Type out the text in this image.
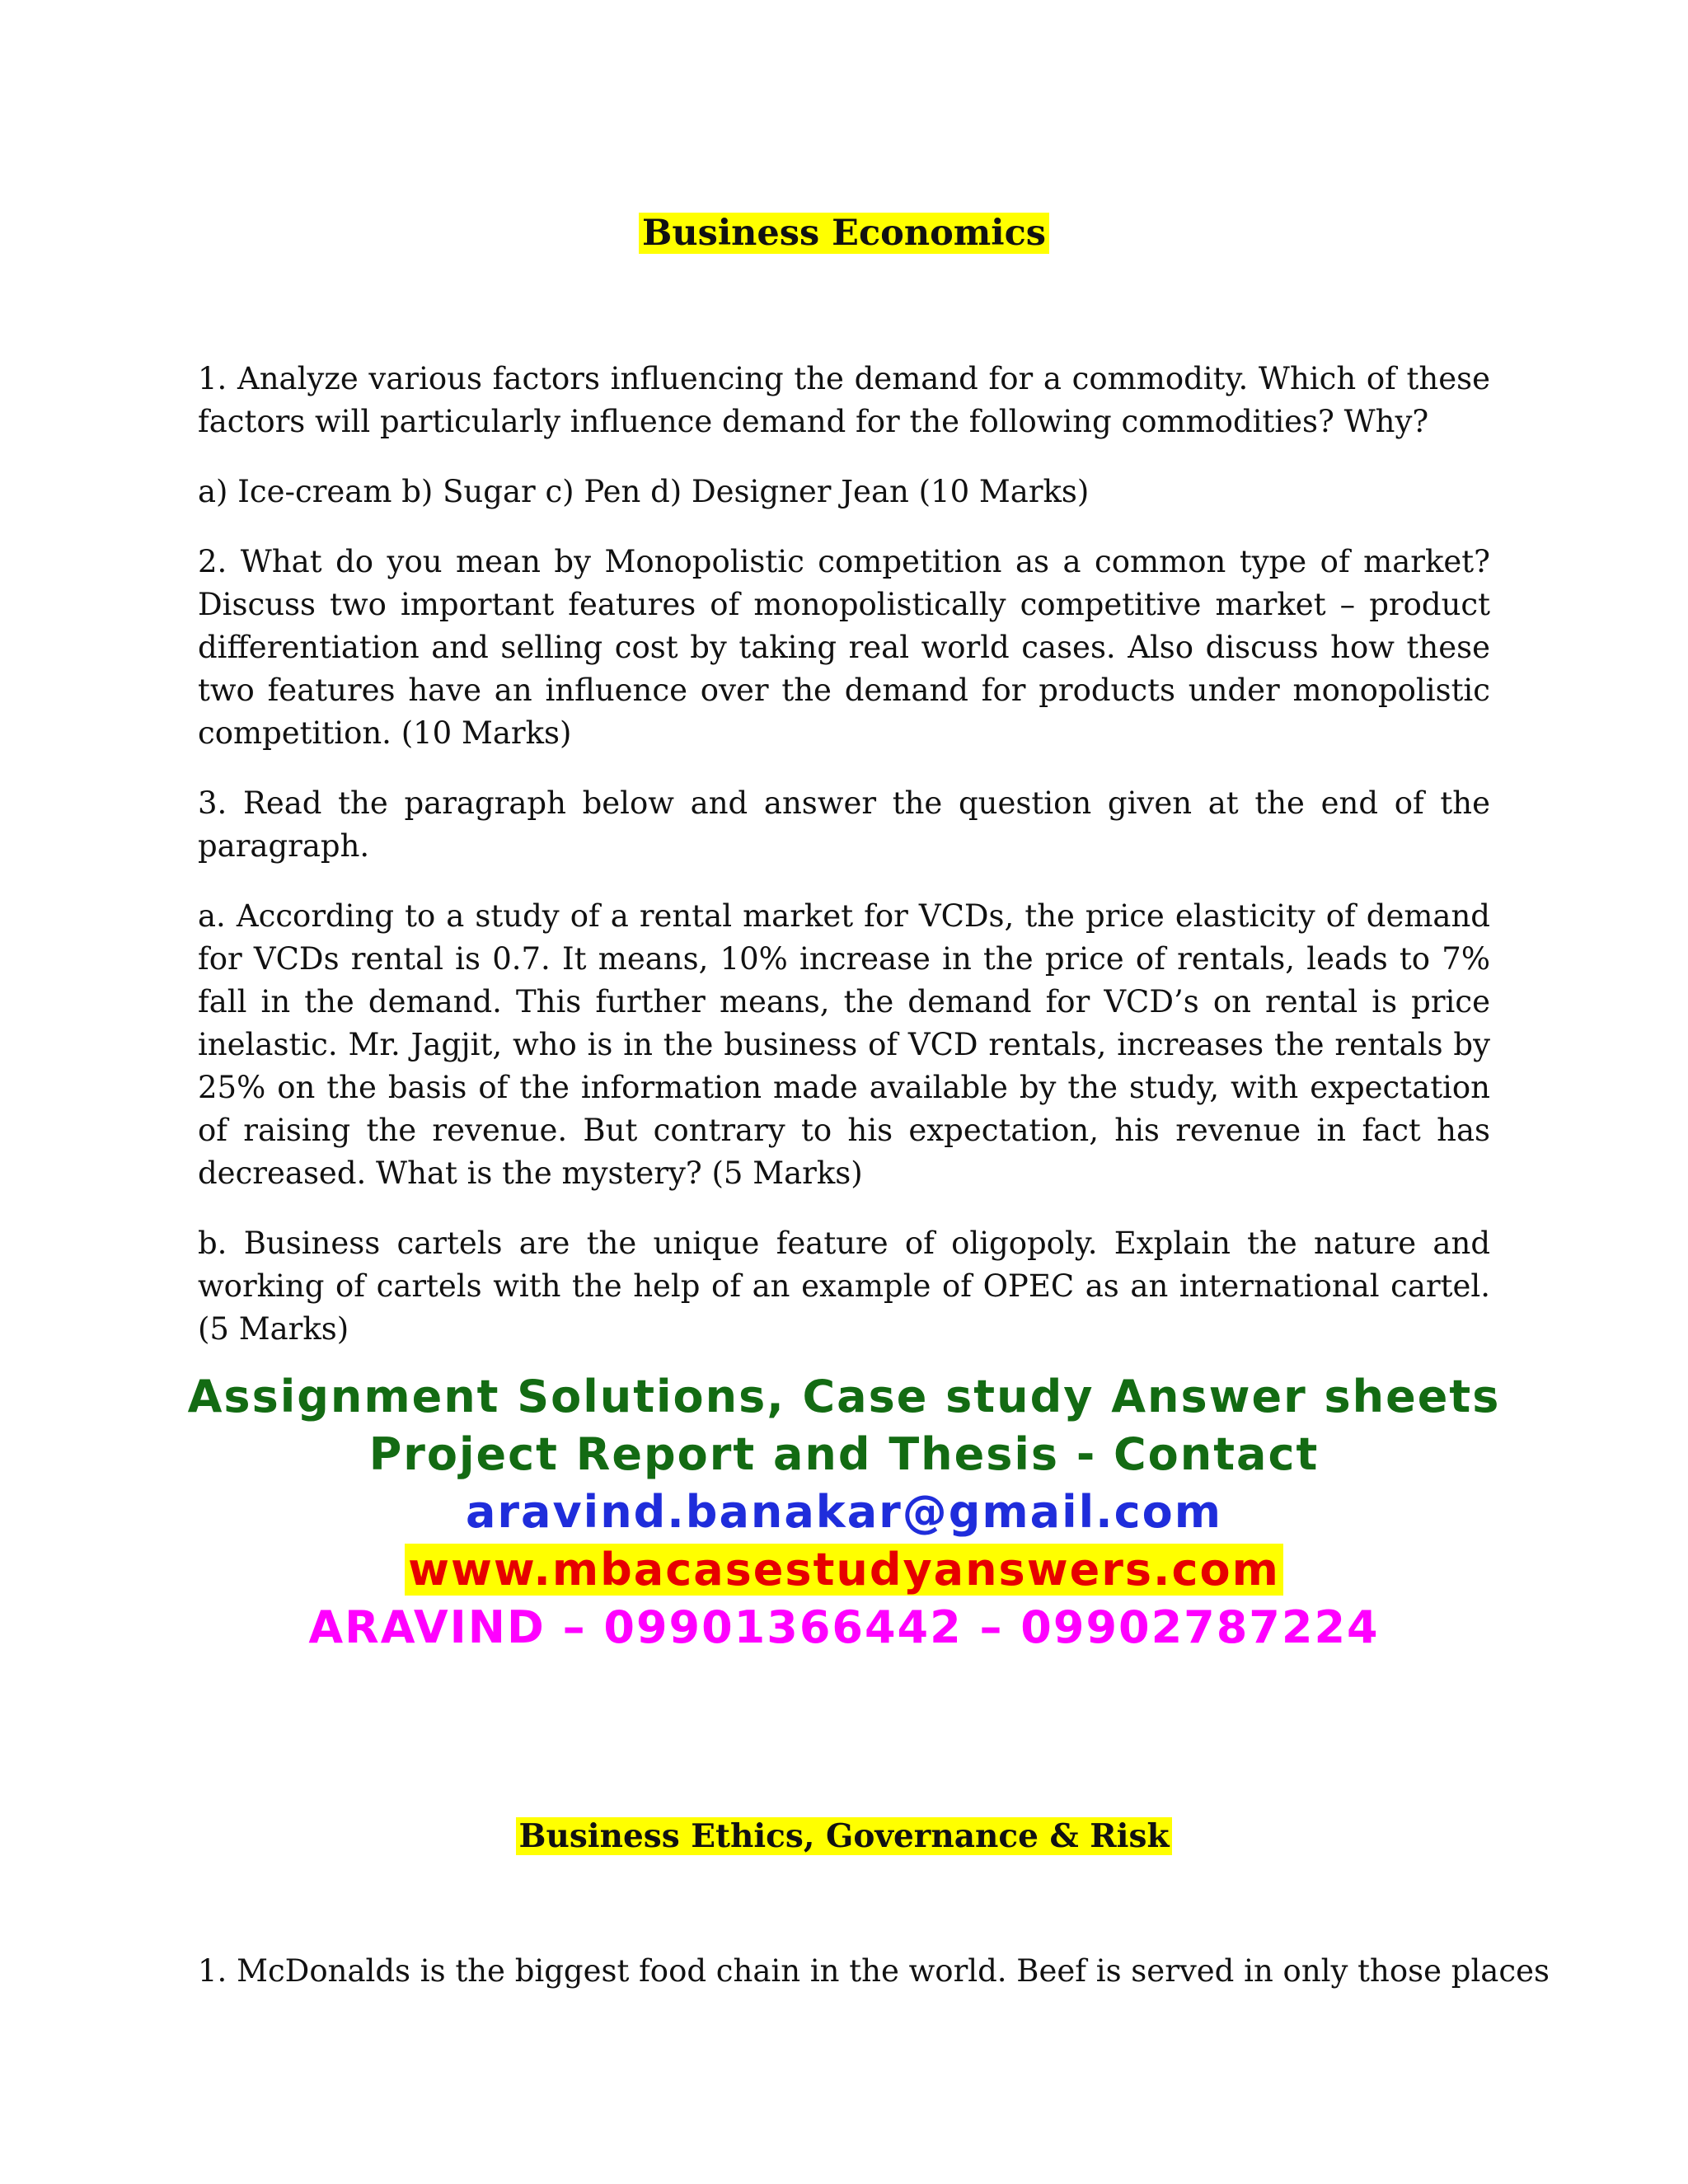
Business Economics

1. Analyze various factors influencing the demand for a commodity. Which of these factors will particularly influence demand for the following commodities? Why?

a) Ice-cream b) Sugar c) Pen d) Designer Jean (10 Marks)

2. What do you mean by Monopolistic competition as a common type of market? Discuss two important features of monopolistically competitive market – product differentiation and selling cost by taking real world cases. Also discuss how these two features have an influence over the demand for products under monopolistic competition. (10 Marks)

3. Read the paragraph below and answer the question given at the end of the paragraph.

a. According to a study of a rental market for VCDs, the price elasticity of demand for VCDs rental is 0.7. It means, 10% increase in the price of rentals, leads to 7% fall in the demand. This further means, the demand for VCD’s on rental is price inelastic. Mr. Jagjit, who is in the business of VCD rentals, increases the rentals by 25% on the basis of the information made available by the study, with expectation of raising the revenue. But contrary to his expectation, his revenue in fact has decreased. What is the mystery? (5 Marks)

b. Business cartels are the unique feature of oligopoly. Explain the nature and working of cartels with the help of an example of OPEC as an international cartel. (5 Marks)

Assignment Solutions, Case study Answer sheets
Project Report and Thesis - Contact
aravind.banakar@gmail.com
www.mbacasestudyanswers.com
ARAVIND – 09901366442 – 09902787224
Business Ethics, Governance & Risk

1. McDonalds is the biggest food chain in the world. Beef is served in only those places
